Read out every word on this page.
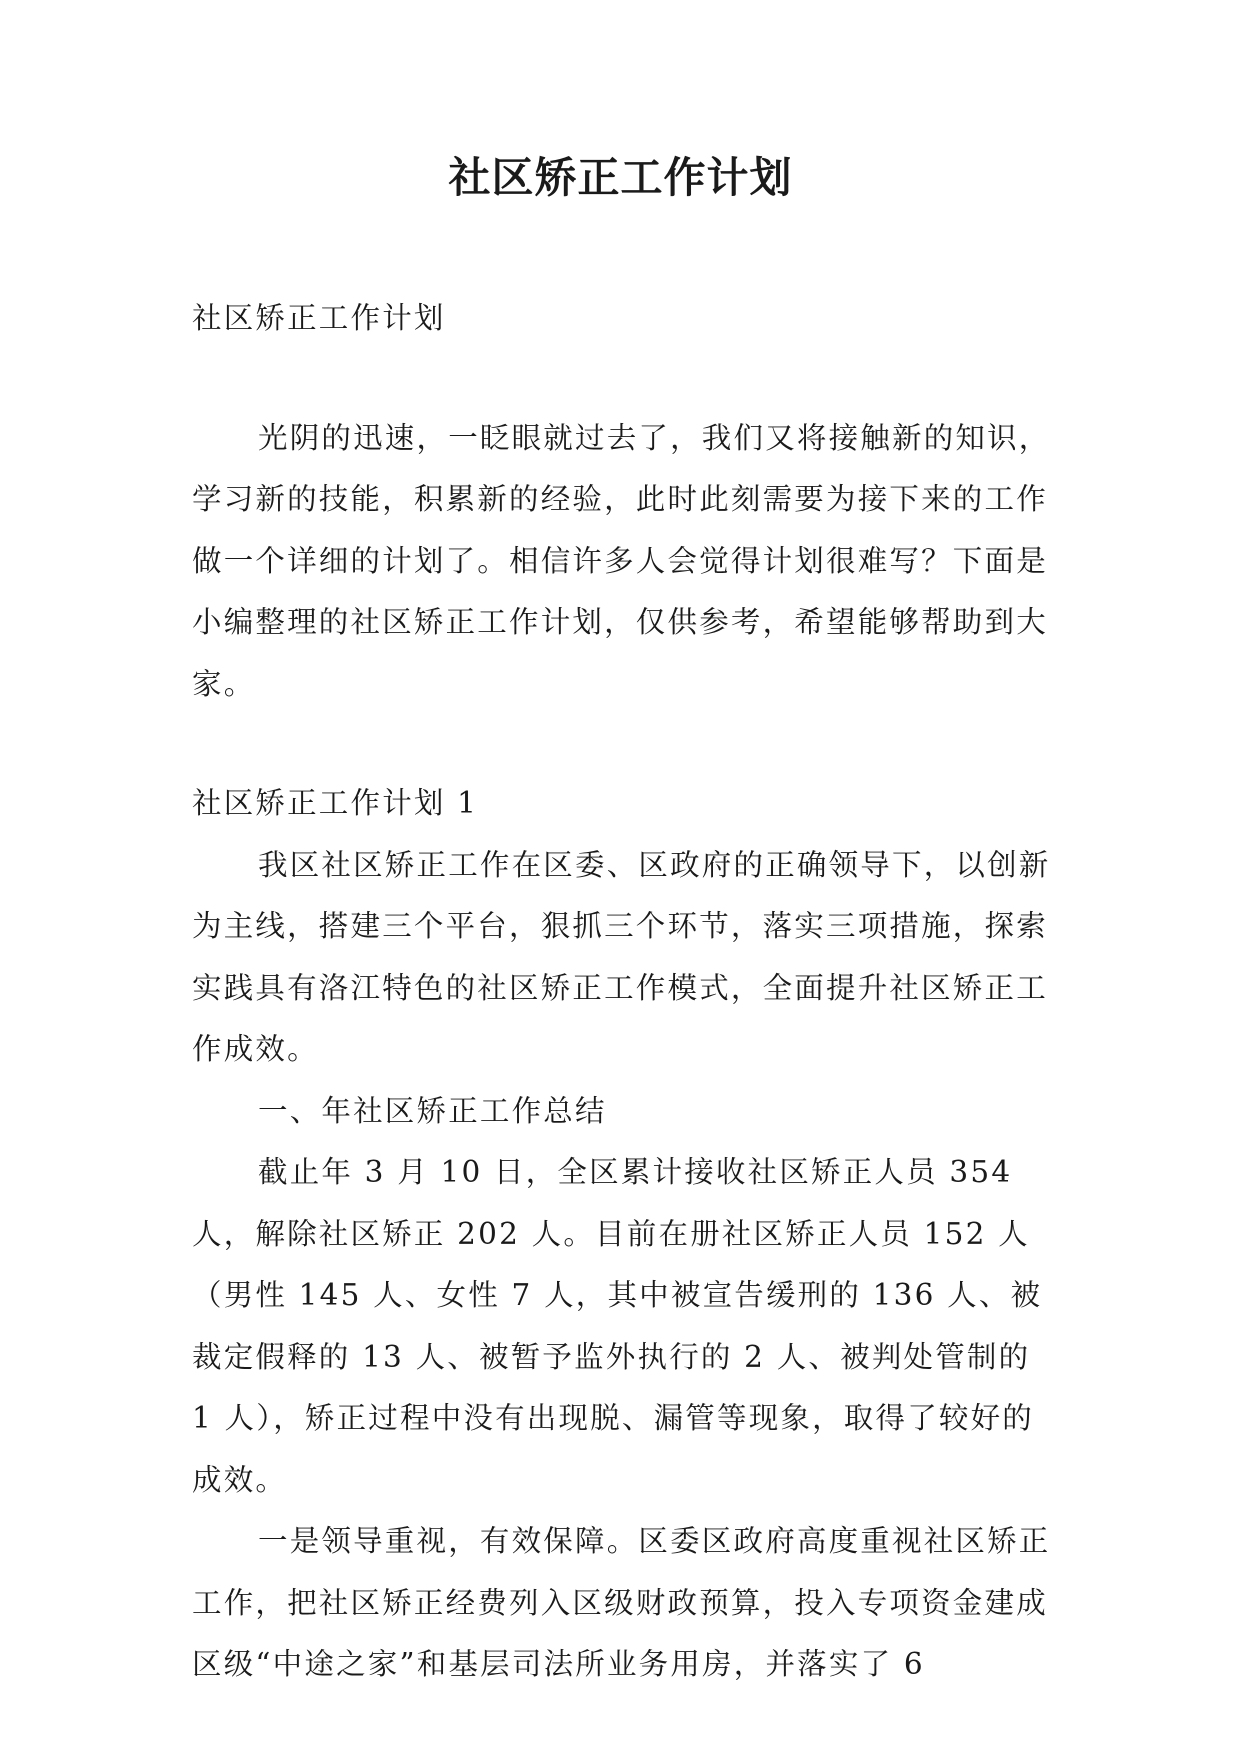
社区矫正工作计划

社区矫正工作计划

光阴的迅速，一眨眼就过去了，我们又将接触新的知识，学习新的技能，积累新的经验，此时此刻需要为接下来的工作做一个详细的计划了。相信许多人会觉得计划很难写？下面是小编整理的社区矫正工作计划，仅供参考，希望能够帮助到大家。

社区矫正工作计划 1

我区社区矫正工作在区委、区政府的正确领导下，以创新为主线，搭建三个平台，狠抓三个环节，落实三项措施，探索实践具有洛江特色的社区矫正工作模式，全面提升社区矫正工作成效。

一、年社区矫正工作总结

截止年 3 月 10 日，全区累计接收社区矫正人员 354 人，解除社区矫正 202 人。目前在册社区矫正人员 152 人（男性 145 人、女性 7 人，其中被宣告缓刑的 136 人、被裁定假释的 13 人、被暂予监外执行的 2 人、被判处管制的 1 人），矫正过程中没有出现脱、漏管等现象，取得了较好的成效。

一是领导重视，有效保障。区委区政府高度重视社区矫正工作，把社区矫正经费列入区级财政预算，投入专项资金建成区级“中途之家”和基层司法所业务用房，并落实了 6
